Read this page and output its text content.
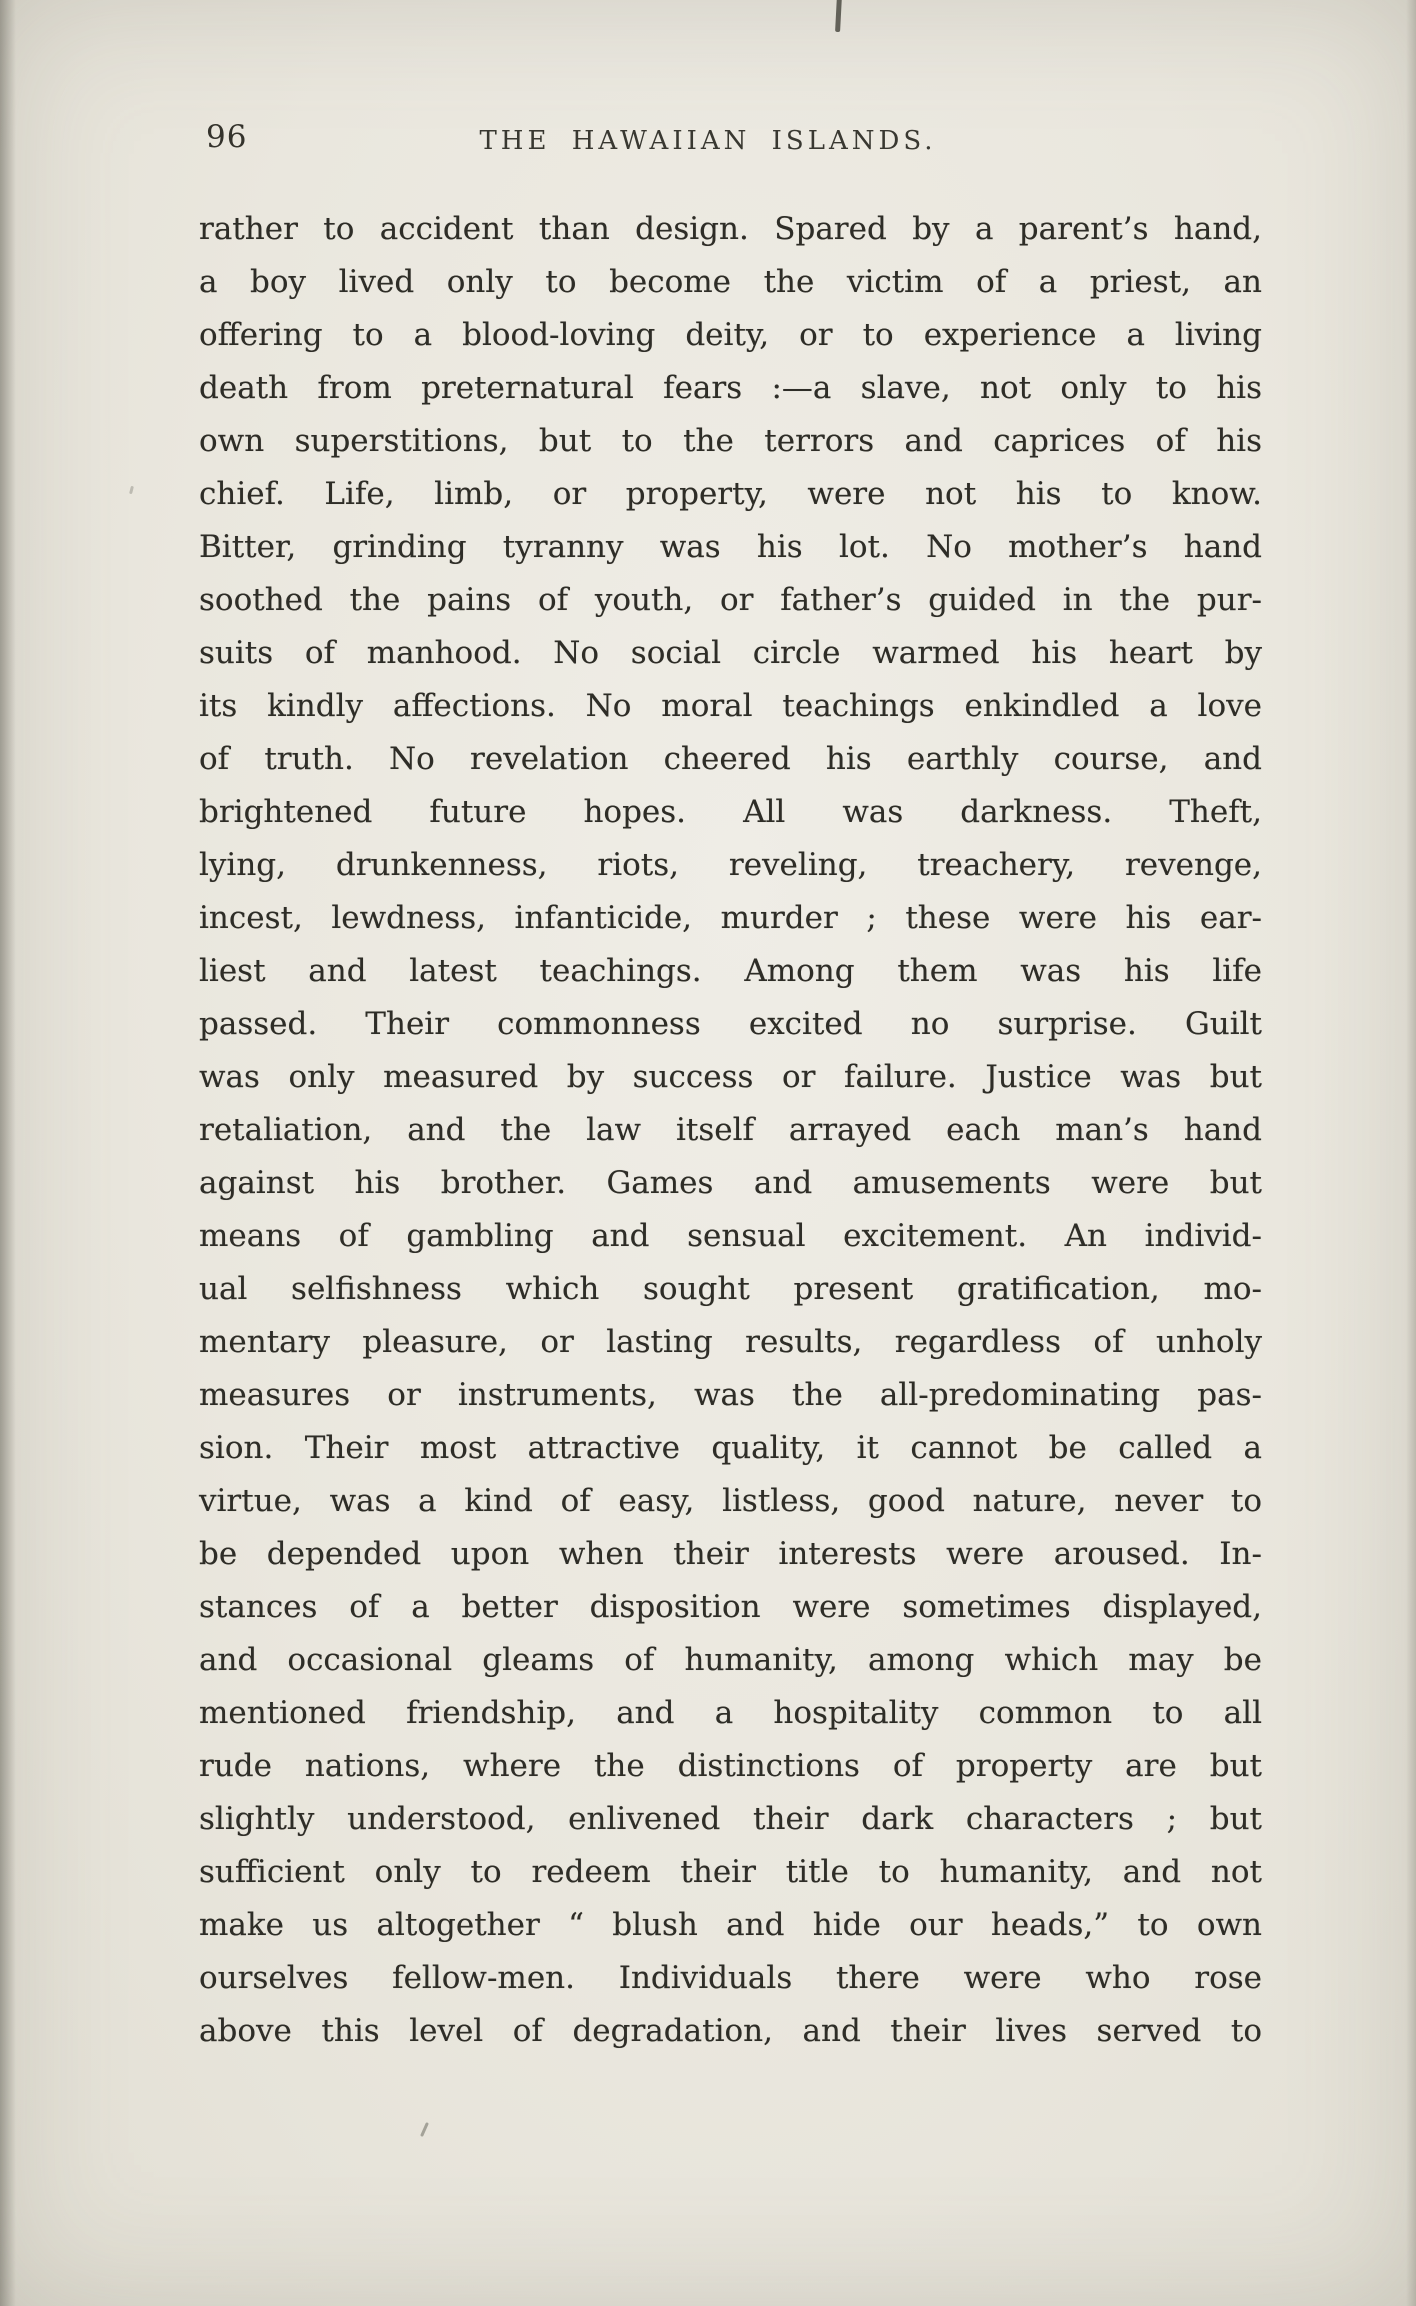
96	THE HAWAIIAN ISLANDS.
rather to accident than design. Spared by a parent’s hand,
a boy lived only to become the victim of a priest, an
offering to a blood-loving deity, or to experience a living
death from preternatural fears :—a slave, not only to his
own superstitions, but to the terrors and caprices of his
chief. Life, limb, or property, were not his to know.
Bitter, grinding tyranny was his lot. No mother’s hand
soothed the pains of youth, or father’s guided in the pur-
suits of manhood. No social circle warmed his heart by
its kindly affections. No moral teachings enkindled a love
of truth. No revelation cheered his earthly course, and
brightened future hopes. All was darkness. Theft,
lying, drunkenness, riots, reveling, treachery, revenge,
incest, lewdness, infanticide, murder ; these were his ear-
liest and latest teachings. Among them was his life
passed. Their commonness excited no surprise. Guilt
was only measured by success or failure. Justice was but
retaliation, and the law itself arrayed each man’s hand
against his brother. Games and amusements were but
means of gambling and sensual excitement. An individ-
ual selfishness which sought present gratification, mo-
mentary pleasure, or lasting results, regardless of unholy
measures or instruments, was the all-predominating pas-
sion. Their most attractive quality, it cannot be called a
virtue, was a kind of easy, listless, good nature, never to
be depended upon when their interests were aroused. In-
stances of a better disposition were sometimes displayed,
and occasional gleams of humanity, among which may be
mentioned friendship, and a hospitality common to all
rude nations, where the distinctions of property are but
slightly understood, enlivened their dark characters ; but
sufficient only to redeem their title to humanity, and not
make us altogether “ blush and hide our heads,” to own
ourselves fellow-men. Individuals there were who rose
above this level of degradation, and their lives served to
